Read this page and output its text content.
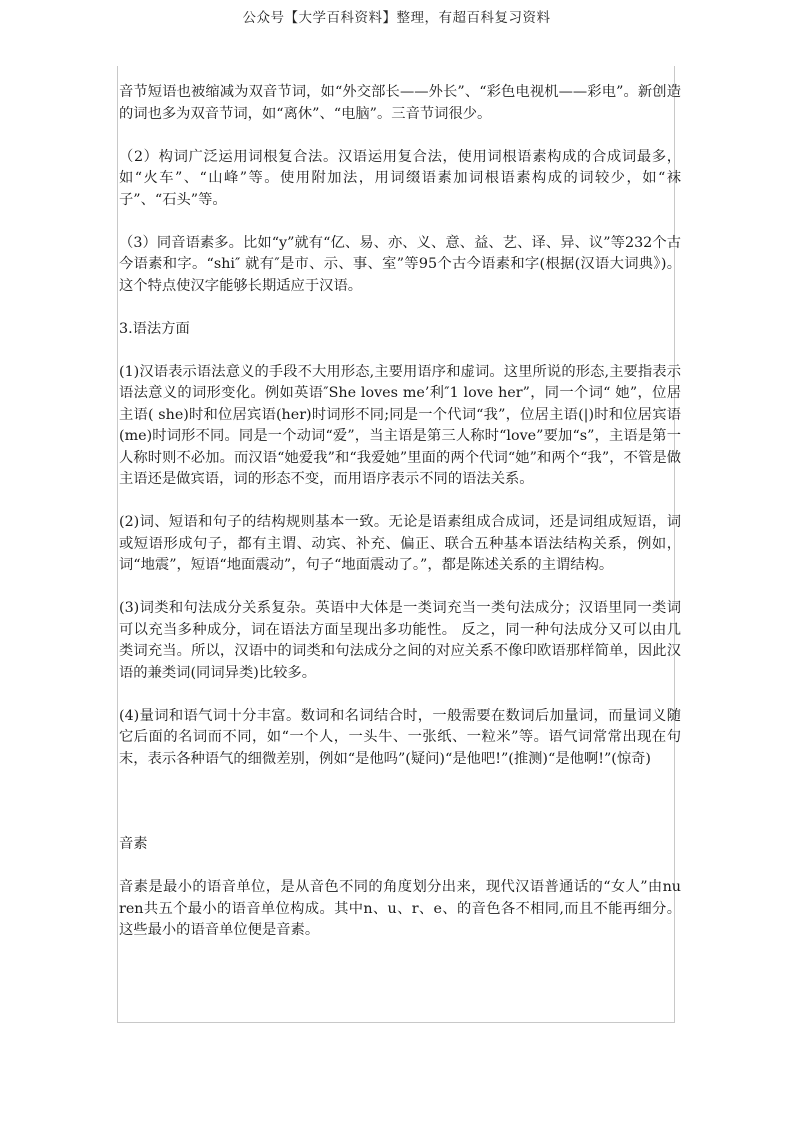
公众号【大学百科资料】整理，有超百科复习资料

音节短语也被缩减为双音节词，如“外交部长——外长”、“彩色电视机——彩电”。新创造的词也多为双音节词，如“离休”、“电脑”。三音节词很少。

（2）构词广泛运用词根复合法。汉语运用复合法，使用词根语素构成的合成词最多，如“火车”、“山峰”等。使用附加法，用词缀语素加词根语素构成的词较少，如“袜子”、“石头”等。

（3）同音语素多。比如“y”就有“亿、易、亦、义、意、益、艺、译、异、议”等232个古今语素和字。“shi″ 就有″是市、示、事、室”等95个古今语素和字(根据(汉语大词典》)。这个特点使汉字能够长期适应于汉语。

3.语法方面

(1)汉语表示语法意义的手段不大用形态,主要用语序和虚词。这里所说的形态,主要指表示语法意义的词形变化。例如英语″She loves me’利″1 love her”，同一个词“ 她”，位居主语( she)时和位居宾语(her)时词形不同;同是一个代词“我”，位居主语(|)时和位居宾语(me)时词形不同。同是一个动词“爱”，当主语是第三人称时“love”要加“s”，主语是第一人称时则不必加。而汉语“她爱我”和“我爱她”里面的两个代词“她”和两个“我”，不管是做主语还是做宾语，词的形态不变，而用语序表示不同的语法关系。

(2)词、短语和句子的结构规则基本一致。无论是语素组成合成词，还是词组成短语，词或短语形成句子，都有主谓、动宾、补充、偏正、联合五种基本语法结构关系，例如，词“地震”，短语“地面震动”，句子“地面震动了。”，都是陈述关系的主谓结构。

(3)词类和句法成分关系复杂。英语中大体是一类词充当一类句法成分；汉语里同一类词可以充当多种成分，词在语法方面呈现出多功能性。 反之，同一种句法成分又可以由几类词充当。所以，汉语中的词类和句法成分之间的对应关系不像印欧语那样简单，因此汉语的兼类词(同词异类)比较多。

(4)量词和语气词十分丰富。数词和名词结合时，一般需要在数词后加量词，而量词义随它后面的名词而不同，如“一个人，一头牛、一张纸、一粒米”等。语气词常常出现在句末，表示各种语气的细微差别，例如“是他吗”(疑问)“是他吧!”(推测)“是他啊!”(惊奇)

音素

音素是最小的语音单位，是从音色不同的角度划分出来，现代汉语普通话的“女人”由nu ren共五个最小的语音单位构成。其中n、u、r、e、的音色各不相同,而且不能再细分。这些最小的语音单位便是音素。
